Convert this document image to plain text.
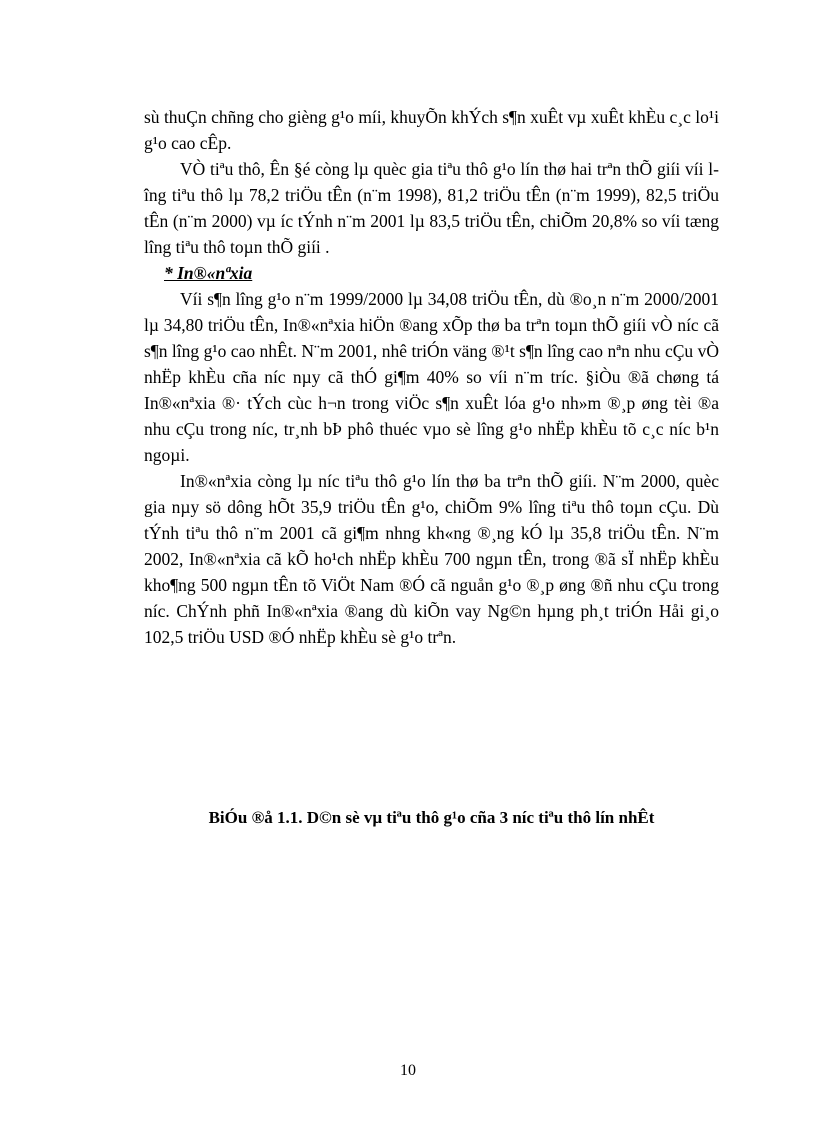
sù thuÇn chñng cho gièng g¹o míi, khuyÕn khÝch s¶n xuÊt vµ xuÊt khÈu c¸c lo¹i g¹o cao cÊp.

VÒ tiªu thô, Ên §é còng lµ quèc gia tiªu thô g¹o lín thø hai trªn thÕ giíi víi lîng tiªu thô lµ 78,2 triÖu tÊn (n¨m 1998), 81,2 triÖu tÊn (n¨m 1999), 82,5 triÖu tÊn (n¨m 2000) vµ íc tÝnh n¨m 2001 lµ 83,5 triÖu tÊn, chiÕm 20,8% so víi tæng lîng tiªu thô toµn thÕ giíi .

* In®«nªxia

Víi s¶n lîng g¹o n¨m 1999/2000 lµ 34,08 triÖu tÊn, dù ®o¸n n¨m 2000/2001 lµ 34,80 triÖu tÊn, In®«nªxia hiÖn ®ang xÕp thø ba trªn toµn thÕ giíi vÒ níc cã s¶n lîng g¹o cao nhÊt. N¨m 2001, nhê triÓn väng ®¹t s¶n lîng cao nªn nhu cÇu vÒ nhËp khÈu cña níc nµy cã thÓ gi¶m 40% so víi n¨m tríc. §iÒu ®ã chøng tá In®«nªxia ®· tÝch cùc h¬n trong viÖc s¶n xuÊt lóa g¹o nh»m ®¸p øng tèi ®a nhu cÇu trong níc, tr¸nh bÞ phô thuéc vµo sè lîng g¹o nhËp khÈu tõ c¸c níc b¹n ngoµi.

In®«nªxia còng lµ níc tiªu thô g¹o lín thø ba trªn thÕ giíi. N¨m 2000, quèc gia nµy sö dông hÕt 35,9 triÖu tÊn g¹o, chiÕm 9% lîng tiªu thô toµn cÇu. Dù tÝnh tiªu thô n¨m 2001 cã gi¶m nhng kh«ng ®¸ng kÓ lµ 35,8 triÖu tÊn. N¨m 2002, In®«nªxia cã kÕ ho¹ch nhËp khÈu 700 ngµn tÊn, trong ®ã sÏ nhËp khÈu kho¶ng 500 ngµn tÊn tõ ViÖt Nam ®Ó cã nguån g¹o ®¸p øng ®ñ nhu cÇu trong níc. ChÝnh phñ In®«nªxia ®ang dù kiÕn vay Ng©n hµng ph¸t triÓn Håi gi¸o 102,5 triÖu USD ®Ó nhËp khÈu sè g¹o trªn.

BiÓu ®å 1.1. D©n sè vµ tiªu thô g¹o cña 3 níc tiªu thô lín nhÊt
10
